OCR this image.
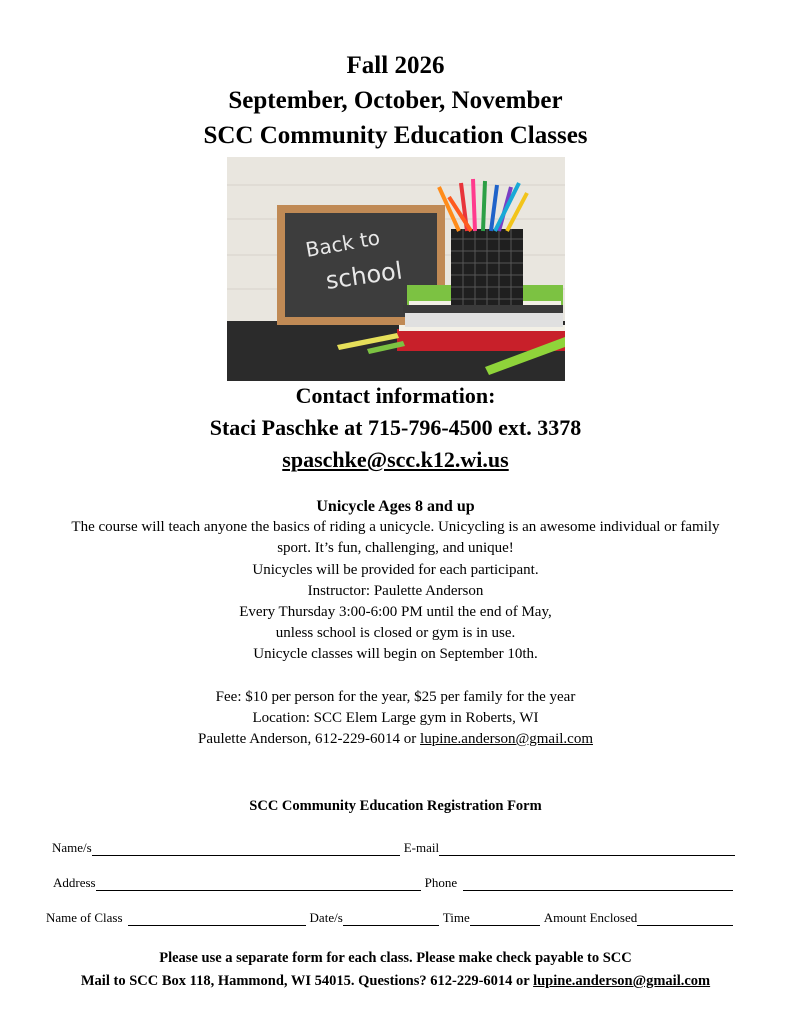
Fall 2026
September, October, November
SCC Community Education Classes
Back to
school
Contact information:
Staci Paschke at 715-796-4500 ext. 3378
spaschke@scc.k12.wi.us
Unicycle Ages 8 and up
The course will teach anyone the basics of riding a unicycle. Unicycling is an awesome individual or family
sport. It’s fun, challenging, and unique!
Unicycles will be provided for each participant.
Instructor: Paulette Anderson
Every Thursday 3:00-6:00 PM until the end of May,
unless school is closed or gym is in use.
Unicycle classes will begin on September 10th.
Fee: $10 per person for the year, $25 per family for the year
Location: SCC Elem Large gym in Roberts, WI
Paulette Anderson, 612-229-6014 or lupine.anderson@gmail.com
SCC Community Education Registration Form
Name/s	E-mail
Address	Phone
Name of Class	Date/s	Time	Amount Enclosed
Please use a separate form for each class. Please make check payable to SCC
Mail to SCC Box 118, Hammond, WI 54015. Questions? 612-229-6014 or lupine.anderson@gmail.com
